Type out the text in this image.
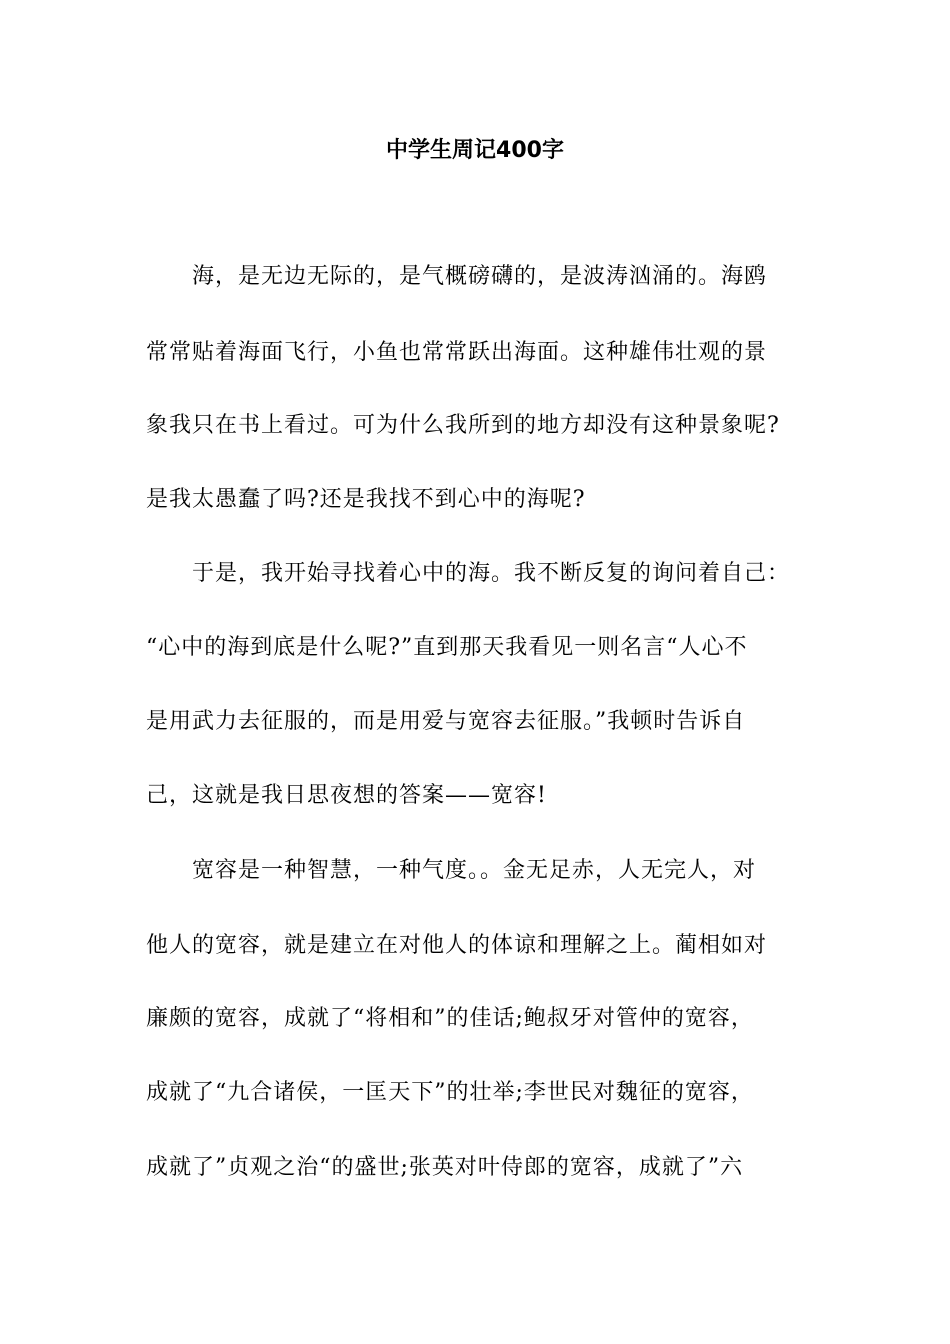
中学生周记400字
海，是无边无际的，是气概磅礴的，是波涛汹涌的。海鸥
常常贴着海面飞行，小鱼也常常跃出海面。这种雄伟壮观的景
象我只在书上看过。可为什么我所到的地方却没有这种景象呢?
是我太愚蠢了吗?还是我找不到心中的海呢?
于是，我开始寻找着心中的海。我不断反复的询问着自己：
“心中的海到底是什么呢?”直到那天我看见一则名言“人心不
是用武力去征服的，而是用爱与宽容去征服。”我顿时告诉自
己，这就是我日思夜想的答案——宽容!
宽容是一种智慧，一种气度。。金无足赤，人无完人，对
他人的宽容，就是建立在对他人的体谅和理解之上。蔺相如对
廉颇的宽容，成就了“将相和”的佳话;鲍叔牙对管仲的宽容，
成就了“九合诸侯，一匡天下”的壮举;李世民对魏征的宽容，
成就了”贞观之治“的盛世;张英对叶侍郎的宽容，成就了”六
